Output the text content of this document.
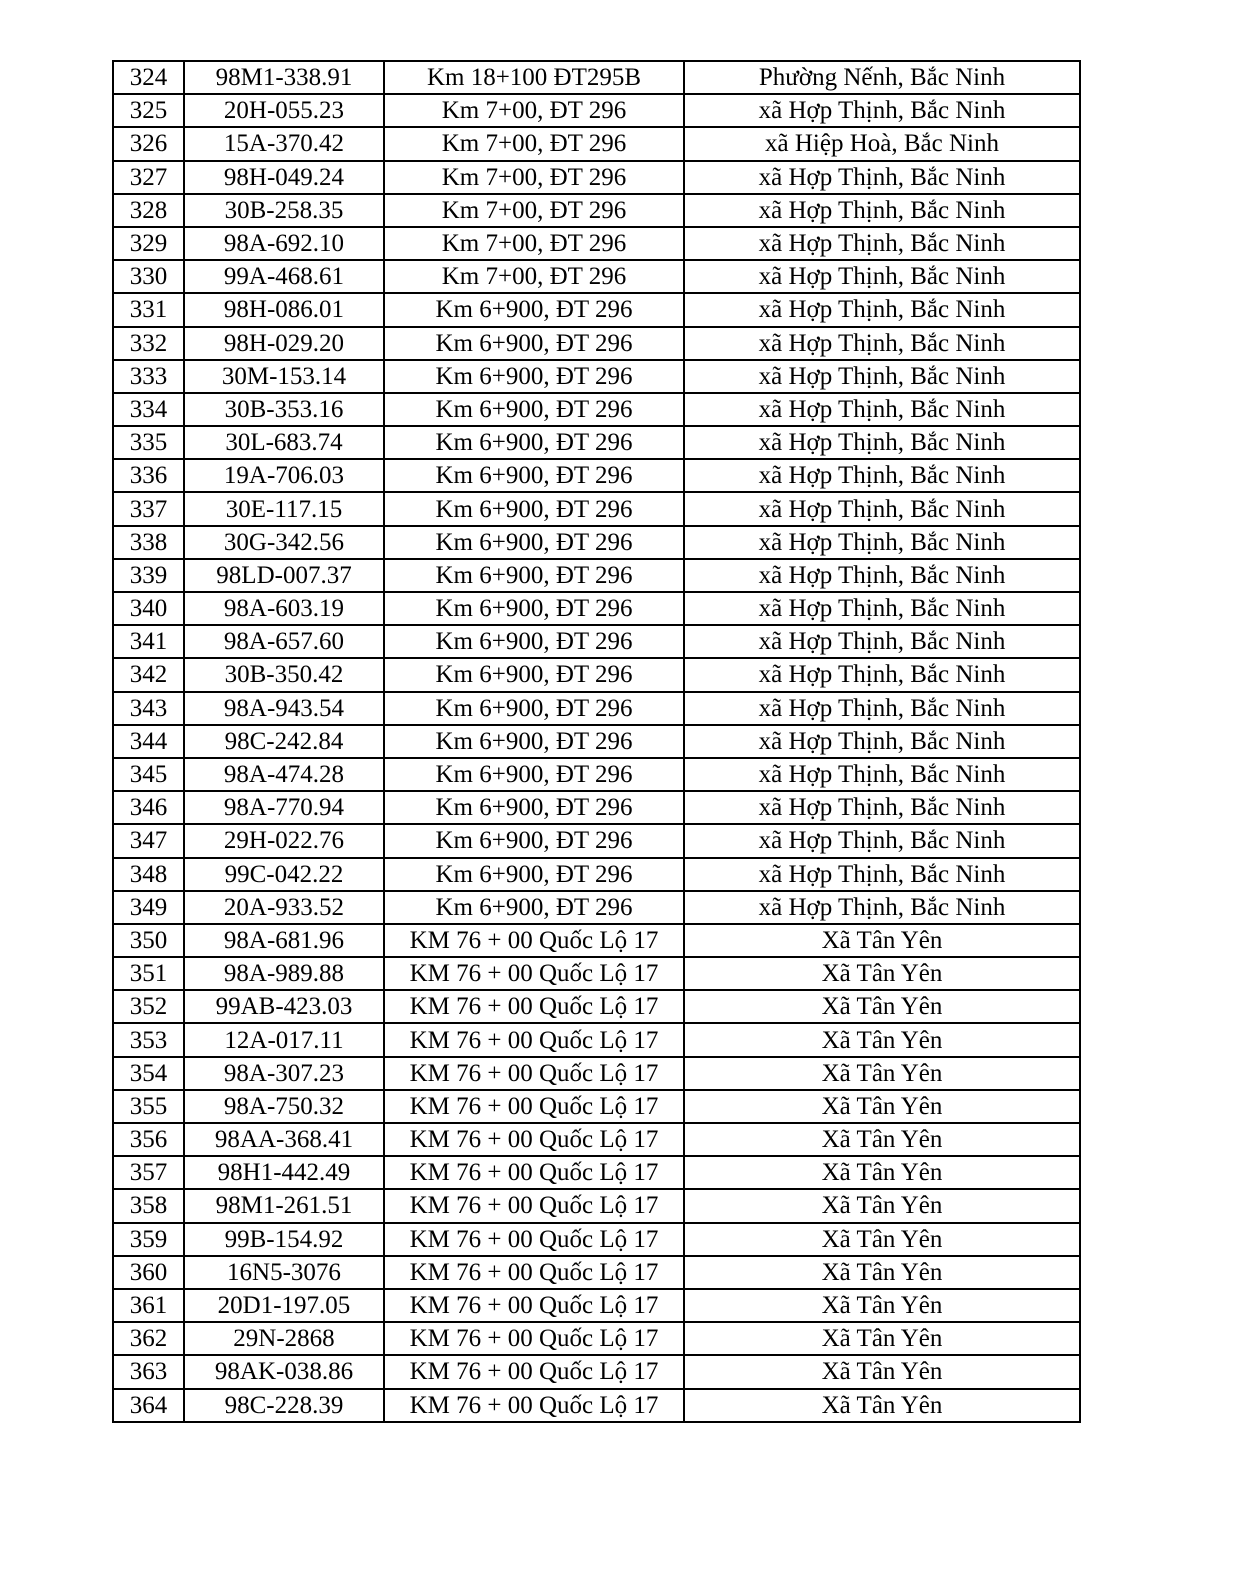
324	98M1-338.91	Km 18+100 ĐT295B	Phường Nếnh, Bắc Ninh
325	20H-055.23	Km 7+00, ĐT 296	xã Hợp Thịnh, Bắc Ninh
326	15A-370.42	Km 7+00, ĐT 296	xã Hiệp Hoà, Bắc Ninh
327	98H-049.24	Km 7+00, ĐT 296	xã Hợp Thịnh, Bắc Ninh
328	30B-258.35	Km 7+00, ĐT 296	xã Hợp Thịnh, Bắc Ninh
329	98A-692.10	Km 7+00, ĐT 296	xã Hợp Thịnh, Bắc Ninh
330	99A-468.61	Km 7+00, ĐT 296	xã Hợp Thịnh, Bắc Ninh
331	98H-086.01	Km 6+900, ĐT 296	xã Hợp Thịnh, Bắc Ninh
332	98H-029.20	Km 6+900, ĐT 296	xã Hợp Thịnh, Bắc Ninh
333	30M-153.14	Km 6+900, ĐT 296	xã Hợp Thịnh, Bắc Ninh
334	30B-353.16	Km 6+900, ĐT 296	xã Hợp Thịnh, Bắc Ninh
335	30L-683.74	Km 6+900, ĐT 296	xã Hợp Thịnh, Bắc Ninh
336	19A-706.03	Km 6+900, ĐT 296	xã Hợp Thịnh, Bắc Ninh
337	30E-117.15	Km 6+900, ĐT 296	xã Hợp Thịnh, Bắc Ninh
338	30G-342.56	Km 6+900, ĐT 296	xã Hợp Thịnh, Bắc Ninh
339	98LD-007.37	Km 6+900, ĐT 296	xã Hợp Thịnh, Bắc Ninh
340	98A-603.19	Km 6+900, ĐT 296	xã Hợp Thịnh, Bắc Ninh
341	98A-657.60	Km 6+900, ĐT 296	xã Hợp Thịnh, Bắc Ninh
342	30B-350.42	Km 6+900, ĐT 296	xã Hợp Thịnh, Bắc Ninh
343	98A-943.54	Km 6+900, ĐT 296	xã Hợp Thịnh, Bắc Ninh
344	98C-242.84	Km 6+900, ĐT 296	xã Hợp Thịnh, Bắc Ninh
345	98A-474.28	Km 6+900, ĐT 296	xã Hợp Thịnh, Bắc Ninh
346	98A-770.94	Km 6+900, ĐT 296	xã Hợp Thịnh, Bắc Ninh
347	29H-022.76	Km 6+900, ĐT 296	xã Hợp Thịnh, Bắc Ninh
348	99C-042.22	Km 6+900, ĐT 296	xã Hợp Thịnh, Bắc Ninh
349	20A-933.52	Km 6+900, ĐT 296	xã Hợp Thịnh, Bắc Ninh
350	98A-681.96	KM 76 + 00 Quốc Lộ 17	Xã Tân Yên
351	98A-989.88	KM 76 + 00 Quốc Lộ 17	Xã Tân Yên
352	99AB-423.03	KM 76 + 00 Quốc Lộ 17	Xã Tân Yên
353	12A-017.11	KM 76 + 00 Quốc Lộ 17	Xã Tân Yên
354	98A-307.23	KM 76 + 00 Quốc Lộ 17	Xã Tân Yên
355	98A-750.32	KM 76 + 00 Quốc Lộ 17	Xã Tân Yên
356	98AA-368.41	KM 76 + 00 Quốc Lộ 17	Xã Tân Yên
357	98H1-442.49	KM 76 + 00 Quốc Lộ 17	Xã Tân Yên
358	98M1-261.51	KM 76 + 00 Quốc Lộ 17	Xã Tân Yên
359	99B-154.92	KM 76 + 00 Quốc Lộ 17	Xã Tân Yên
360	16N5-3076	KM 76 + 00 Quốc Lộ 17	Xã Tân Yên
361	20D1-197.05	KM 76 + 00 Quốc Lộ 17	Xã Tân Yên
362	29N-2868	KM 76 + 00 Quốc Lộ 17	Xã Tân Yên
363	98AK-038.86	KM 76 + 00 Quốc Lộ 17	Xã Tân Yên
364	98C-228.39	KM 76 + 00 Quốc Lộ 17	Xã Tân Yên
